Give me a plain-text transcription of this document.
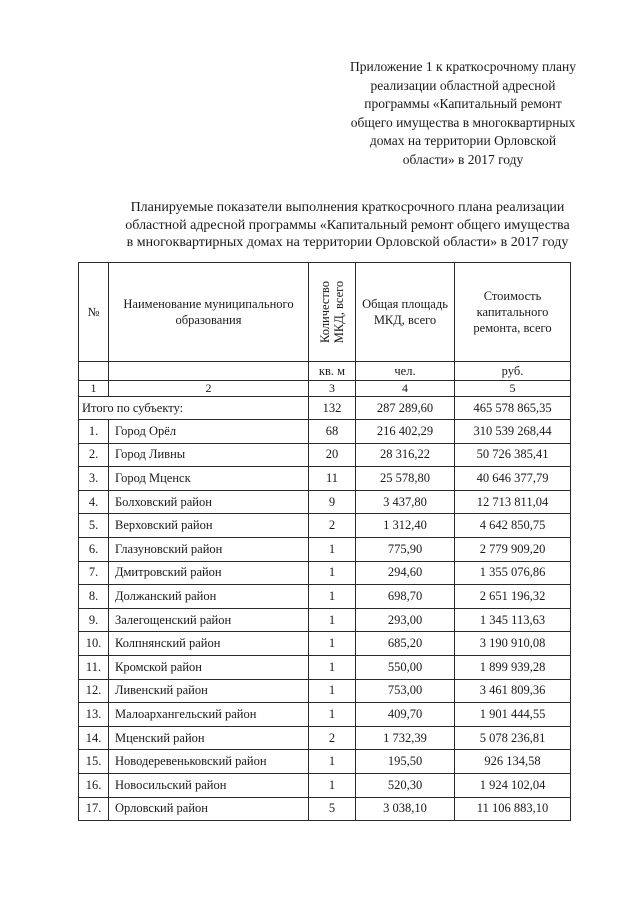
Приложение 1 к краткосрочному плану
реализации областной адресной
программы «Капитальный ремонт
общего имущества в многоквартирных
домах на территории Орловской
области» в 2017 году
Планируемые показатели выполнения краткосрочного плана реализации
областной адресной программы «Капитальный ремонт общего имущества
в многоквартирных домах на территории Орловской области» в 2017 году
№	Наименование муниципального образования	Количество МКД, всего	Общая площадь МКД, всего	Стоимость капитального ремонта, всего
		кв. м	чел.	руб.
1	2	3	4	5
Итого по субъекту:		132	287 289,60	465 578 865,35
1.	Город Орёл	68	216 402,29	310 539 268,44
2.	Город Ливны	20	28 316,22	50 726 385,41
3.	Город Мценск	11	25 578,80	40 646 377,79
4.	Болховский район	9	3 437,80	12 713 811,04
5.	Верховский район	2	1 312,40	4 642 850,75
6.	Глазуновский район	1	775,90	2 779 909,20
7.	Дмитровский район	1	294,60	1 355 076,86
8.	Должанский район	1	698,70	2 651 196,32
9.	Залегощенский район	1	293,00	1 345 113,63
10.	Колпнянский район	1	685,20	3 190 910,08
11.	Кромской район	1	550,00	1 899 939,28
12.	Ливенский район	1	753,00	3 461 809,36
13.	Малоархангельский район	1	409,70	1 901 444,55
14.	Мценский район	2	1 732,39	5 078 236,81
15.	Новодеревеньковский район	1	195,50	926 134,58
16.	Новосильский район	1	520,30	1 924 102,04
17.	Орловский район	5	3 038,10	11 106 883,10
